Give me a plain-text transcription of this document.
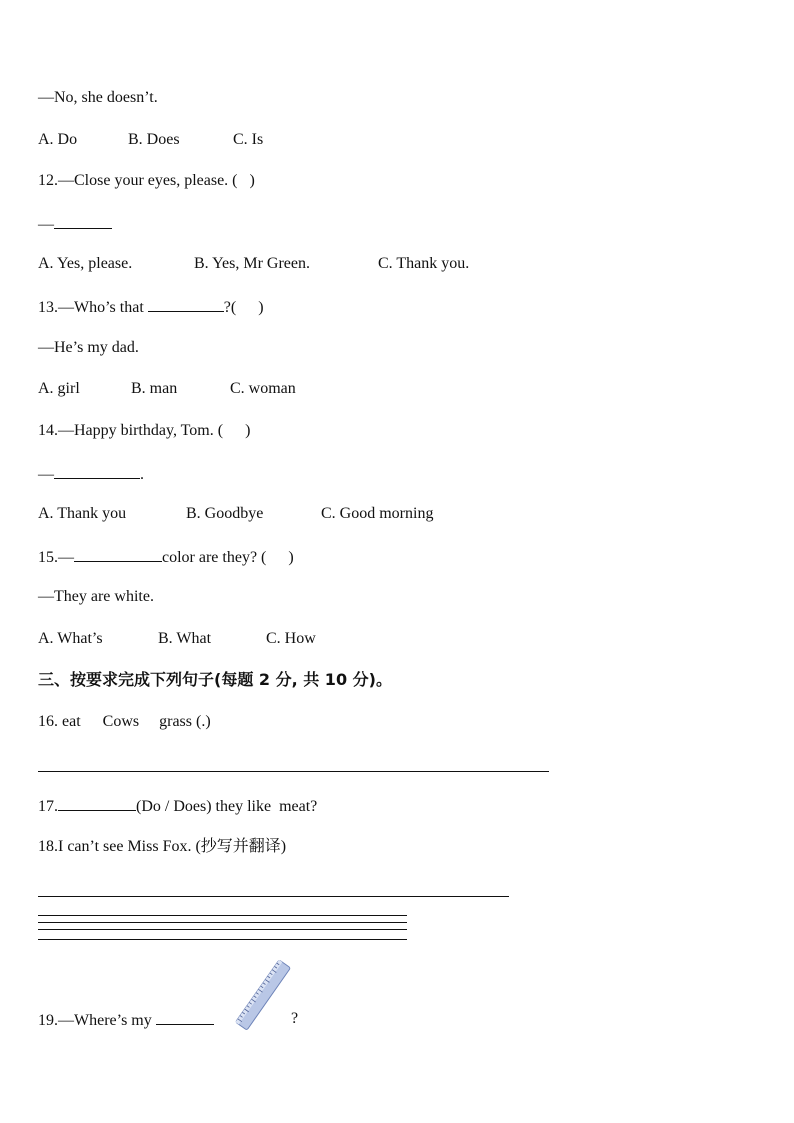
—No, she doesn’t.
A. Do	B. Does	C. Is
12.—Close your eyes, please. ( )
—
A. Yes, please.	B. Yes, Mr Green.	C. Thank you.
13.—Who’s that	?( )
—He’s my dad.
A. girl	B. man	C. woman
14.—Happy birthday, Tom. ( )
—	.
A. Thank you	B. Goodbye	C. Good morning
15.—	color are they? ( )
—They are white.
A. What’s	B. What	C. How
三、按要求完成下列句子(每题 2 分, 共 10 分)。
16. eat Cows grass (.)
17.	(Do / Does) they like  meat?
18.I can’t see Miss Fox. (抄写并翻译)
19.—Where’s my	?
